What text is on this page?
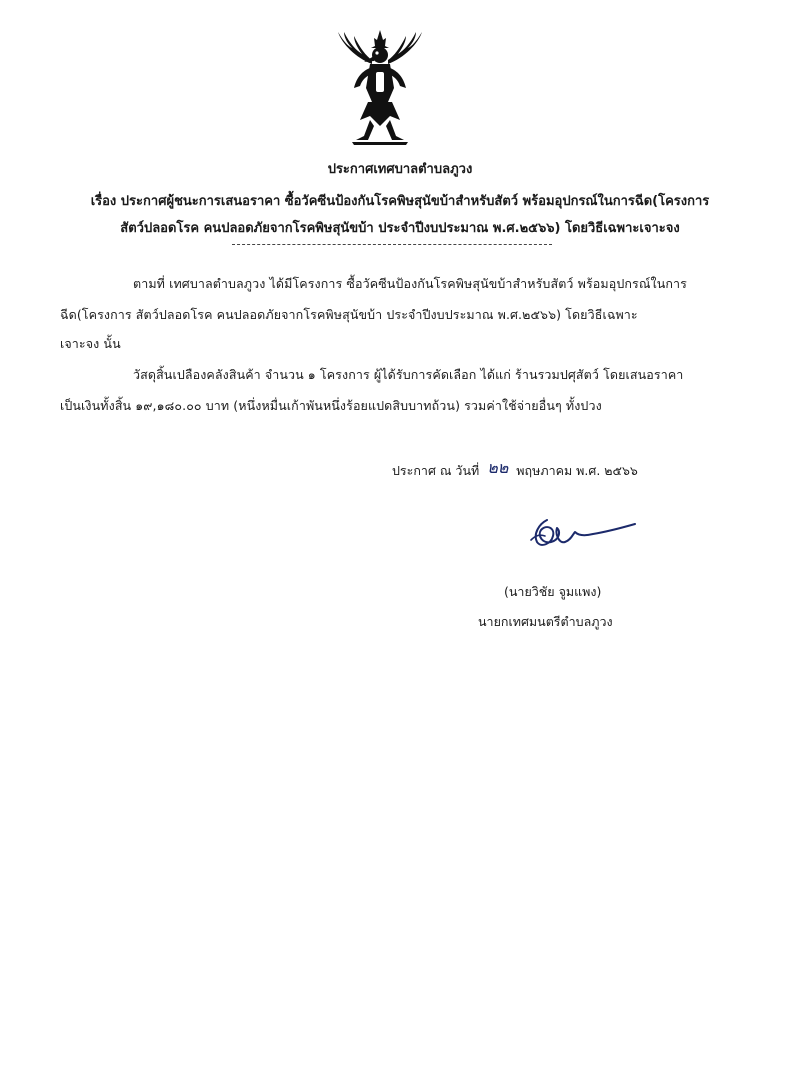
ประกาศเทศบาลตำบลภูวง
เรื่อง ประกาศผู้ชนะการเสนอราคา ซื้อวัคซีนป้องกันโรคพิษสุนัขบ้าสำหรับสัตว์ พร้อมอุปกรณ์ในการฉีด(โครงการ
สัตว์ปลอดโรค คนปลอดภัยจากโรคพิษสุนัขบ้า ประจำปีงบประมาณ พ.ศ.๒๕๖๖) โดยวิธีเฉพาะเจาะจง
ตามที่ เทศบาลตำบลภูวง ได้มีโครงการ ซื้อวัคซีนป้องกันโรคพิษสุนัขบ้าสำหรับสัตว์ พร้อมอุปกรณ์ในการ
ฉีด(โครงการ สัตว์ปลอดโรค คนปลอดภัยจากโรคพิษสุนัขบ้า ประจำปีงบประมาณ พ.ศ.๒๕๖๖) โดยวิธีเฉพาะ
เจาะจง นั้น
วัสดุสิ้นเปลืองคลังสินค้า จำนวน ๑ โครงการ ผู้ได้รับการคัดเลือก ได้แก่ ร้านรวมปศุสัตว์ โดยเสนอราคา
เป็นเงินทั้งสิ้น ๑๙,๑๘๐.๐๐ บาท (หนึ่งหมื่นเก้าพันหนึ่งร้อยแปดสิบบาทถ้วน) รวมค่าใช้จ่ายอื่นๆ ทั้งปวง
ประกาศ ณ วันที่ ๒๒ พฤษภาคม พ.ศ. ๒๕๖๖
(นายวิชัย จูมแพง)
นายกเทศมนตรีตำบลภูวง
